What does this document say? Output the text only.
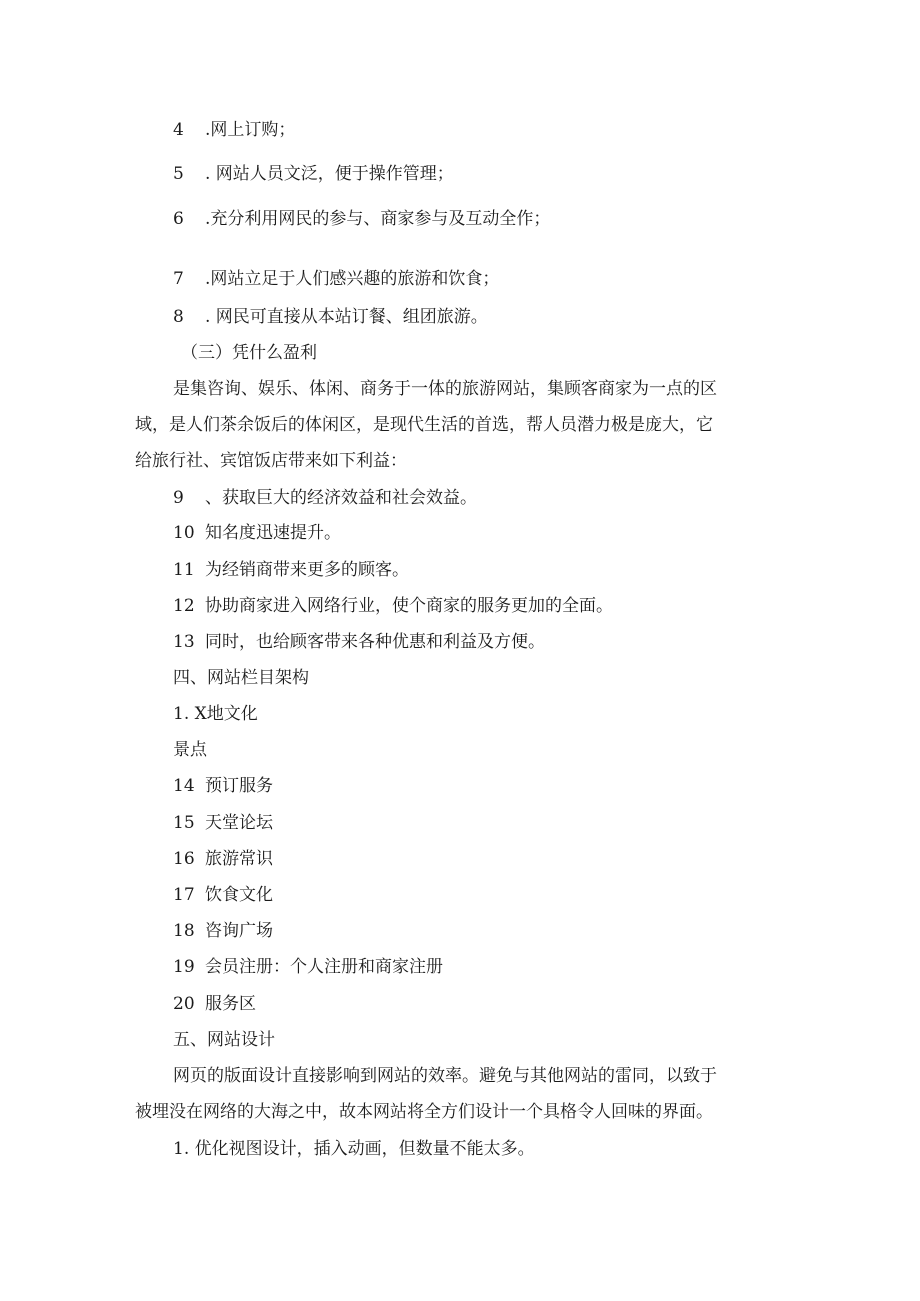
4 .网上订购；
5 . 网站人员文泛，便于操作管理；
6 .充分利用网民的参与、商家参与及互动全作；
7 .网站立足于人们感兴趣的旅游和饮食；
8 . 网民可直接从本站订餐、组团旅游。
（三）凭什么盈利
是集咨询、娱乐、体闲、商务于一体的旅游网站，集顾客商家为一点的区
域，是人们茶余饭后的体闲区，是现代生活的首选，帮人员潜力极是庞大，它
给旅行社、宾馆饭店带来如下利益：
9 、获取巨大的经济效益和社会效益。
10 知名度迅速提升。
11 为经销商带来更多的顾客。
12 协助商家进入网络行业，使个商家的服务更加的全面。
13 同时，也给顾客带来各种优惠和利益及方便。
四、网站栏目架构
1. X地文化
景点
14 预订服务
15 天堂论坛
16 旅游常识
17 饮食文化
18 咨询广场
19 会员注册：个人注册和商家注册
20 服务区
五、网站设计
网页的版面设计直接影响到网站的效率。避免与其他网站的雷同，以致于
被埋没在网络的大海之中，故本网站将全方们设计一个具格令人回味的界面。
1. 优化视图设计，插入动画，但数量不能太多。
